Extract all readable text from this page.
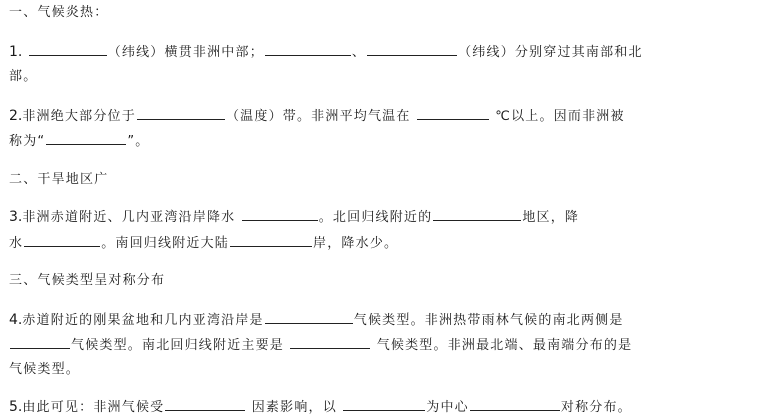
一、气候炎热：
1.	（纬线）横贯非洲中部；	、	（纬线）分别穿过其南部和北
部。
2.非洲绝大部分位于	（温度）带。非洲平均气温在	℃以上。因而非洲被
称为“	”。
二、干旱地区广
3.非洲赤道附近、几内亚湾沿岸降水	。北回归线附近的	地区，降
水	。南回归线附近大陆	岸，降水少。
三、气候类型呈对称分布
4.赤道附近的刚果盆地和几内亚湾沿岸是	气候类型。非洲热带雨林气候的南北两侧是
气候类型。南北回归线附近主要是	气候类型。非洲最北端、最南端分布的是
气候类型。
5.由此可见：非洲气候受	因素影响，以	为中心	对称分布。
